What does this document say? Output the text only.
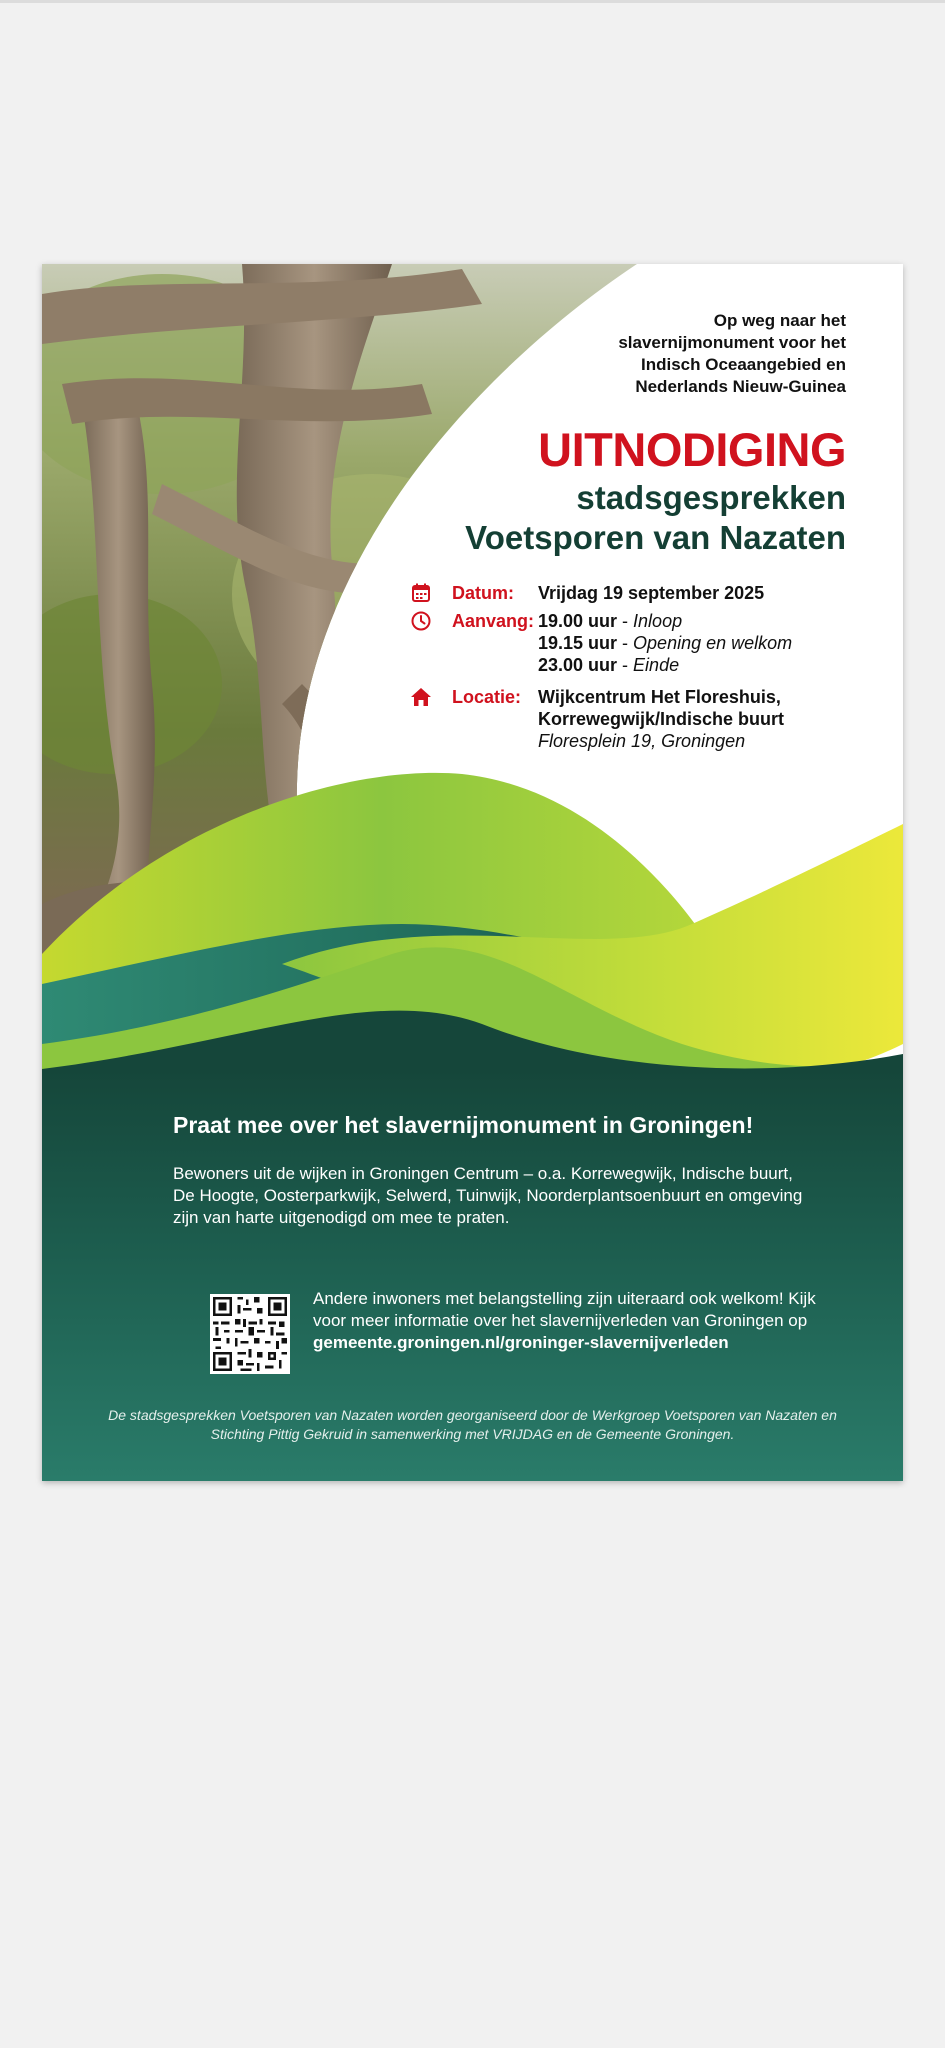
Op weg naar het
slavernijmonument voor het
Indisch Oceaangebied en
Nederlands Nieuw-Guinea
UITNODIGING
stadsgesprekken
Voetsporen van Nazaten
Datum: Vrijdag 19 september 2025
Aanvang: 19.00 uur - Inloop
19.15 uur - Opening en welkom
23.00 uur - Einde
Locatie: Wijkcentrum Het Floreshuis,
Korrewegwijk/Indische buurt
Floresplein 19, Groningen
Praat mee over het slavernijmonument in Groningen!
Bewoners uit de wijken in Groningen Centrum – o.a. Korrewegwijk, Indische buurt, De Hoogte, Oosterparkwijk, Selwerd, Tuinwijk, Noorderplantsoenbuurt en omgeving zijn van harte uitgenodigd om mee te praten.
Andere inwoners met belangstelling zijn uiteraard ook welkom! Kijk voor meer informatie over het slavernijverleden van Groningen op
gemeente.groningen.nl/groninger-slavernijverleden
De stadsgesprekken Voetsporen van Nazaten worden georganiseerd door de Werkgroep Voetsporen van Nazaten en Stichting Pittig Gekruid in samenwerking met VRIJDAG en de Gemeente Groningen.
